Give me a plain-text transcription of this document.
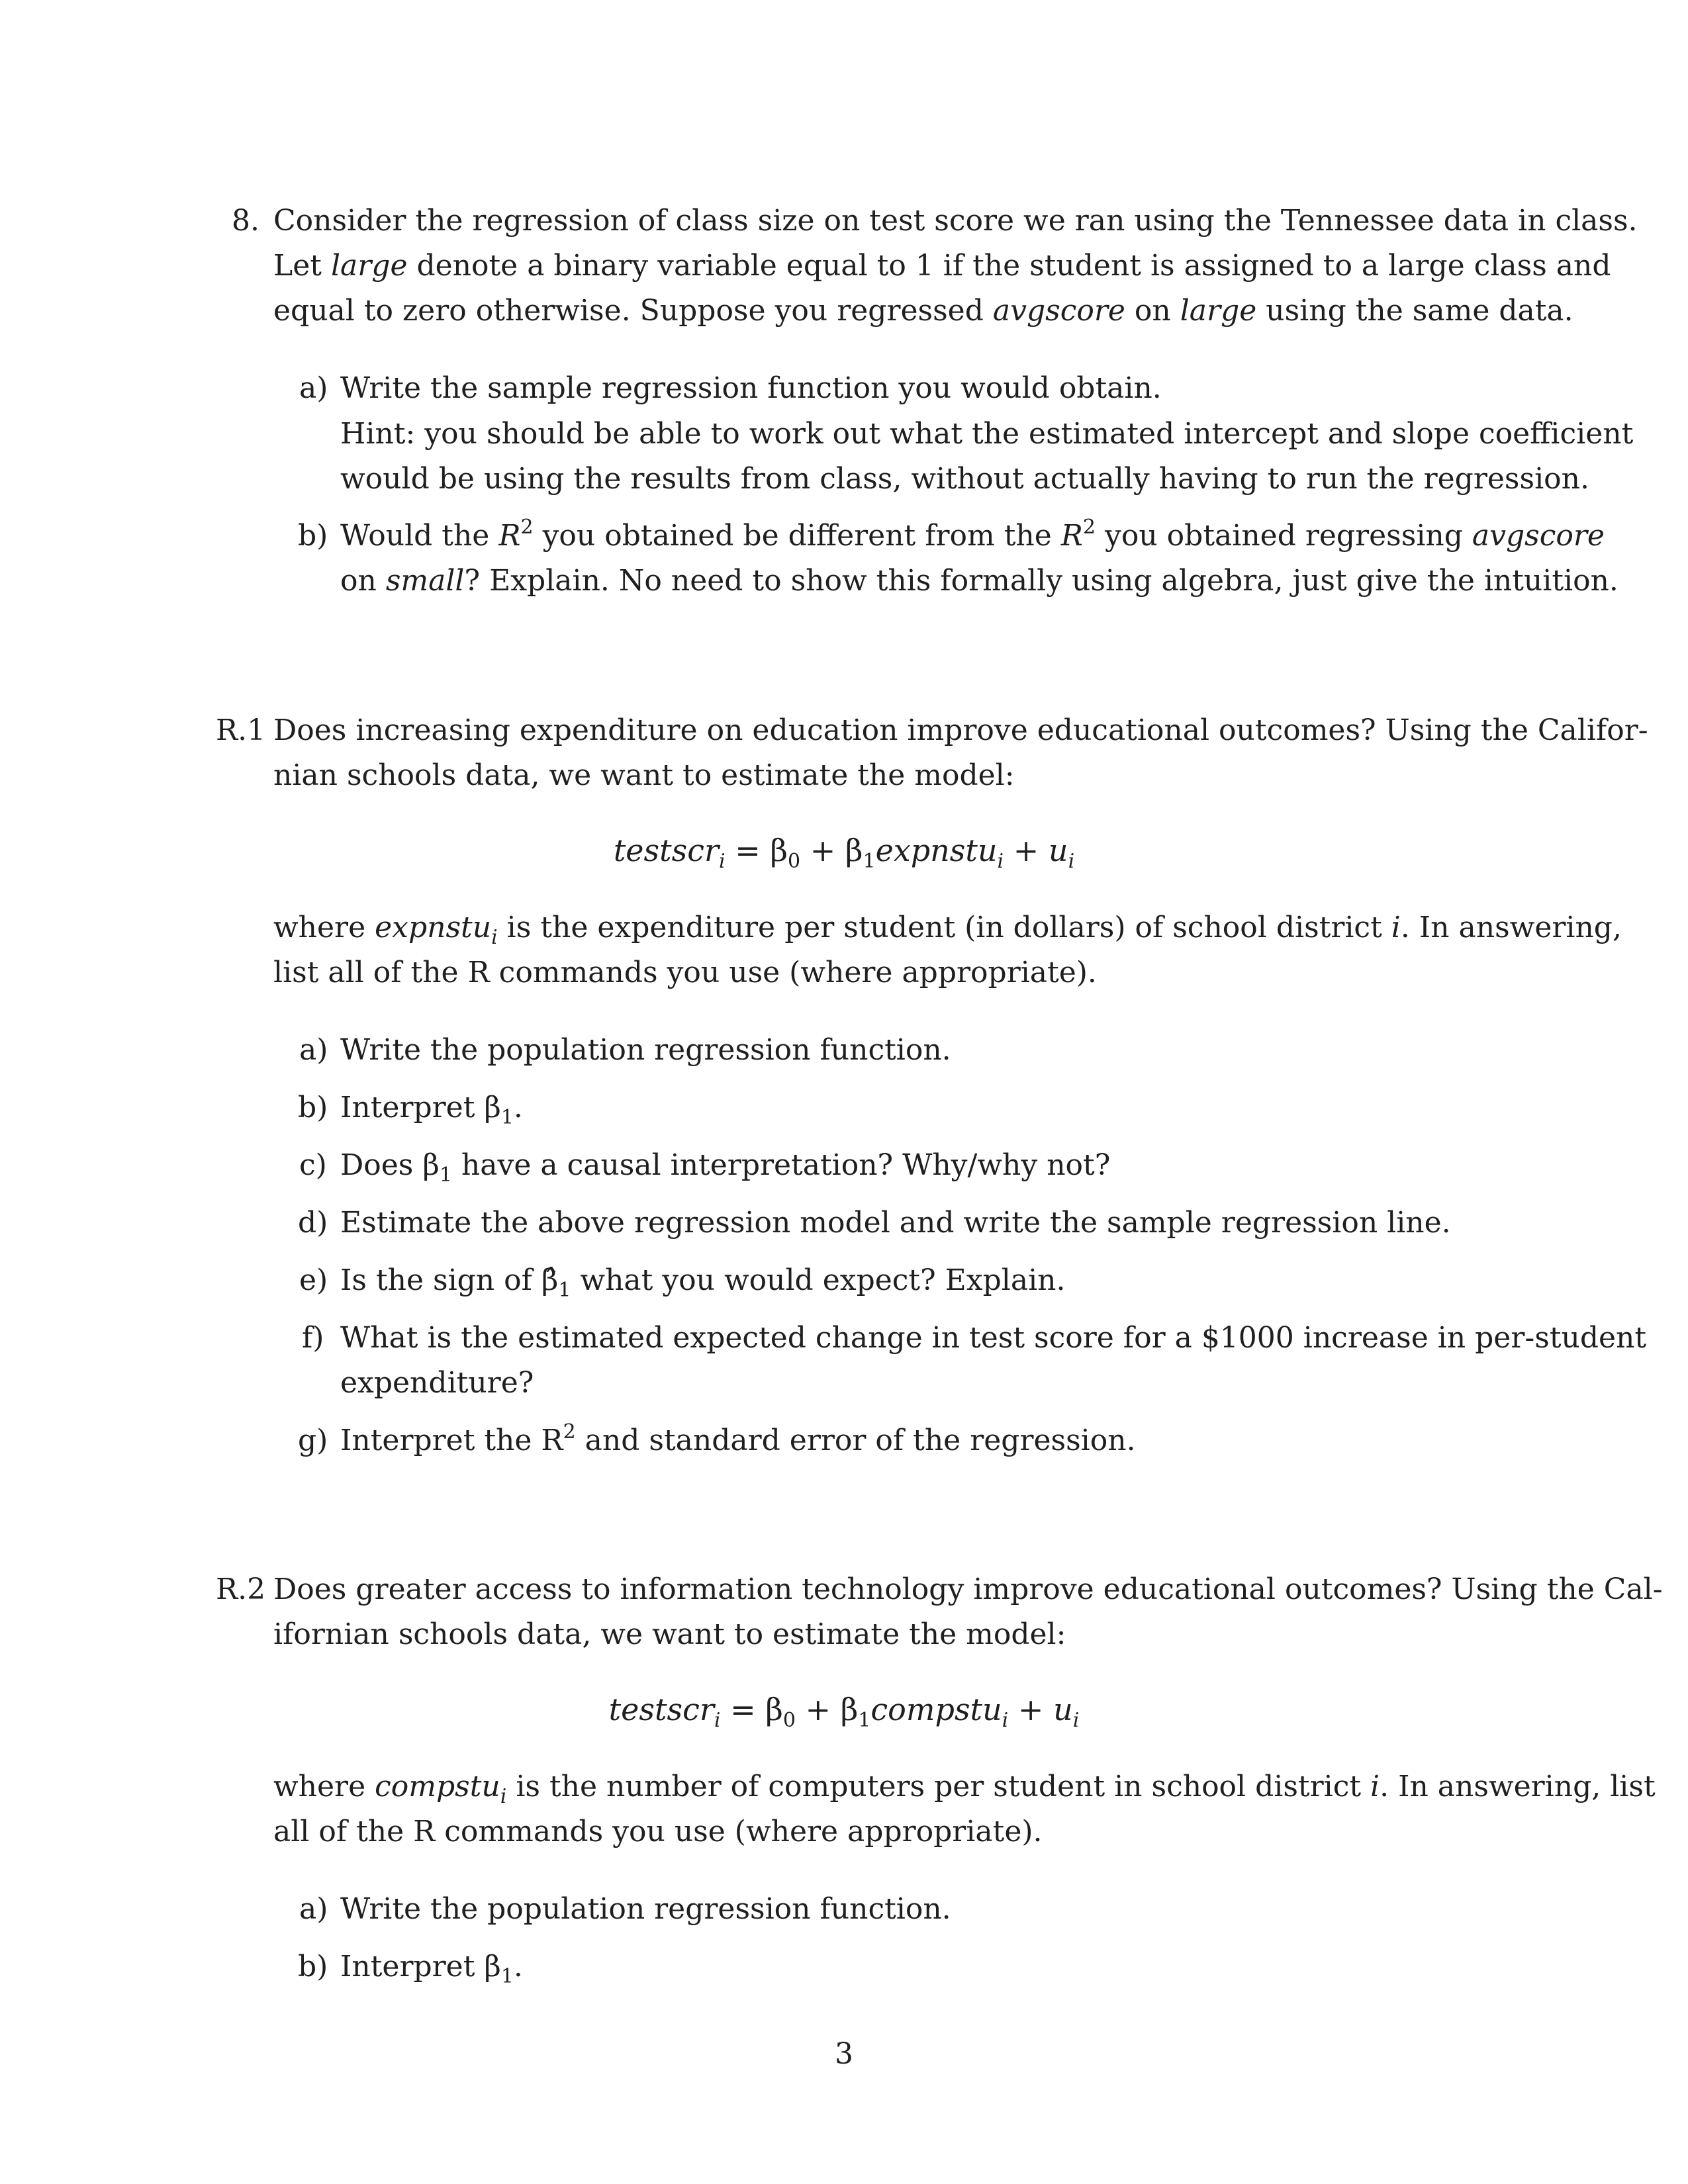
8. Consider the regression of class size on test score we ran using the Tennessee data in class.
Let large denote a binary variable equal to 1 if the student is assigned to a large class and
equal to zero otherwise. Suppose you regressed avgscore on large using the same data.
a) Write the sample regression function you would obtain.
Hint: you should be able to work out what the estimated intercept and slope coefficient
would be using the results from class, without actually having to run the regression.
b) Would the $R^2$ you obtained be different from the $R^2$ you obtained regressing avgscore
on small? Explain. No need to show this formally using algebra, just give the intuition.
R.1 Does increasing expenditure on education improve educational outcomes? Using the Califor-
nian schools data, we want to estimate the model:
testscr$_i$ = $\beta_0$ + $\beta_1expnstu_i + u_i$
where expnstu$_i$ is the expenditure per student (in dollars) of school district i. In answering,
list all of the R commands you use (where appropriate).
a) Write the population regression function.
b) Interpret $\beta_1$.
c) Does $\beta_1$ have a causal interpretation? Why/why not?
d) Estimate the above regression model and write the sample regression line.
e) Is the sign of $\betâ_1$ what you would expect? Explain.
f) What is the estimated expected change in test score for a $1000 increase in per-student
expenditure?
g) Interpret the $R^2$ and standard error of the regression.
R.2 Does greater access to information technology improve educational outcomes? Using the Cal-
ifornian schools data, we want to estimate the model:
testscr$_i$ = $\beta_0$ + $\beta_1compstu_i + u_i$
where compstu$_i$ is the number of computers per student in school district i. In answering, list
all of the R commands you use (where appropriate).
a) Write the population regression function.
b) Interpret $\beta_1$.
3
